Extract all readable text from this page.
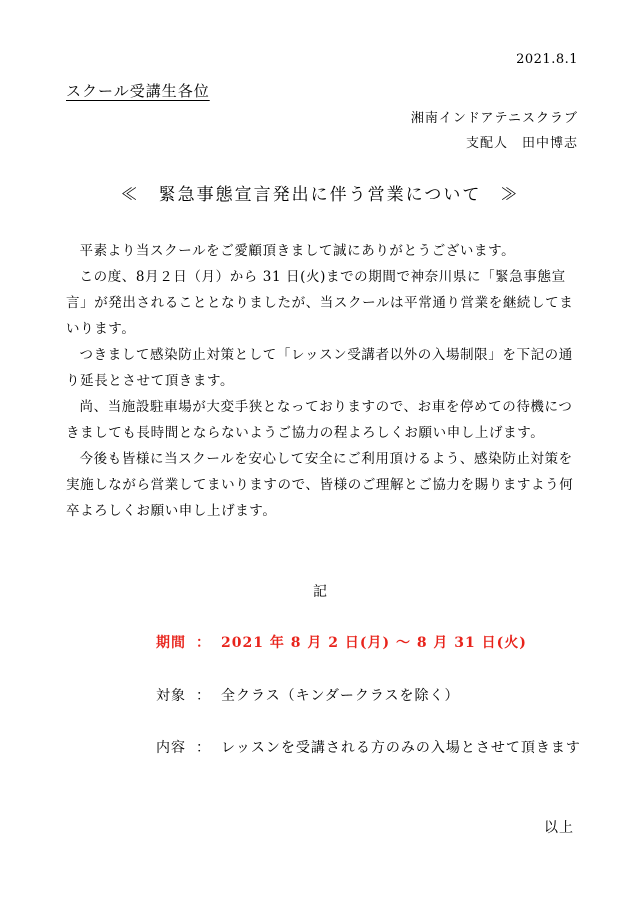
2021.8.1
スクール受講生各位
湘南インドアテニスクラブ
支配人　田中博志
≪　緊急事態宣言発出に伴う営業について　≫

平素より当スクールをご愛顧頂きまして誠にありがとうございます。

この度、8月２日（月）から 31 日(火)までの期間で神奈川県に「緊急事態宣言」が発出されることとなりましたが、当スクールは平常通り営業を継続してまいります。

つきまして感染防止対策として「レッスン受講者以外の入場制限」を下記の通り延長とさせて頂きます。

尚、当施設駐車場が大変手狭となっておりますので、お車を停めての待機につきましても長時間とならないようご協力の程よろしくお願い申し上げます。

今後も皆様に当スクールを安心して安全にご利用頂けるよう、感染防止対策を実施しながら営業してまいりますので、皆様のご理解とご協力を賜りますよう何卒よろしくお願い申し上げます。

記
期間 ： 2021 年 8 月 2 日(月) 〜 8 月 31 日(火)
対象 ： 全クラス（キンダークラスを除く）
内容 ： レッスンを受講される方のみの入場とさせて頂きます
以上
